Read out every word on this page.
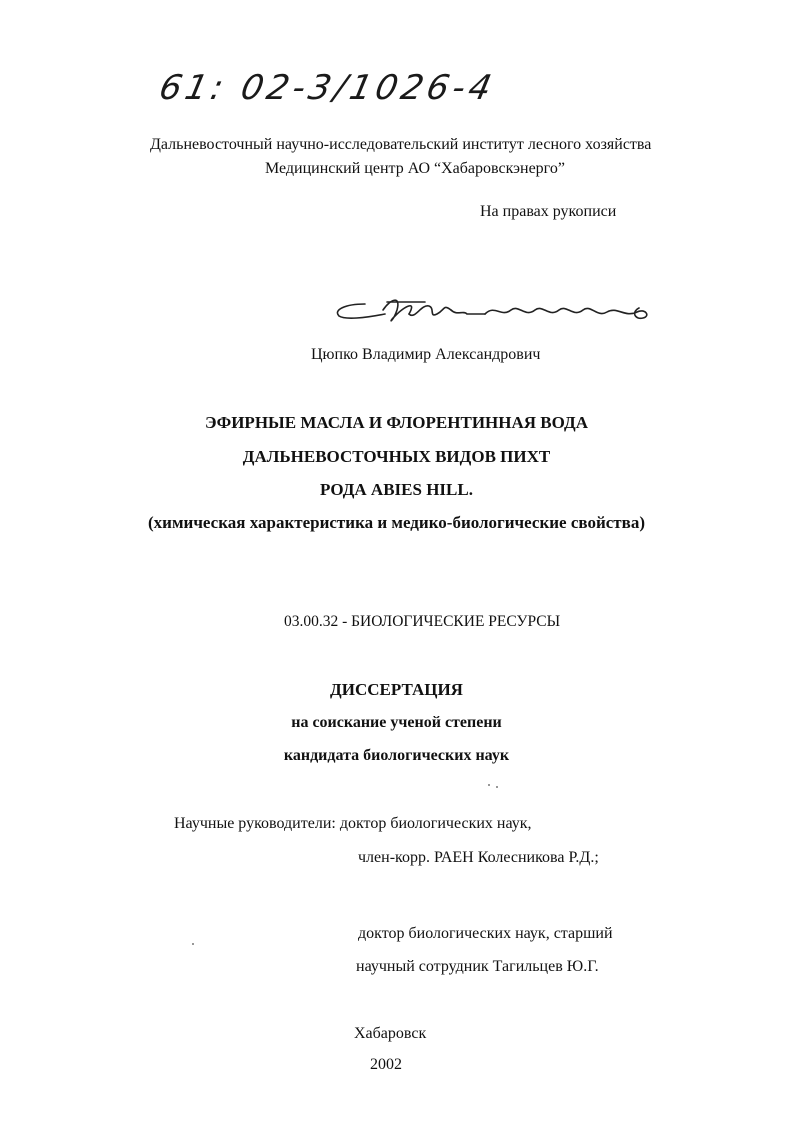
61: 02-3/1026-4
Дальневосточный научно-исследовательский институт лесного хозяйства
Медицинский центр АО “Хабаровскэнерго”
На правах рукописи
Цюпко Владимир Александрович
ЭФИРНЫЕ МАСЛА И ФЛОРЕНТИННАЯ ВОДА
ДАЛЬНЕВОСТОЧНЫХ ВИДОВ ПИХТ
РОДА ABIES HILL.
(химическая характеристика и медико-биологические свойства)
03.00.32 - БИОЛОГИЧЕСКИЕ РЕСУРСЫ
ДИССЕРТАЦИЯ
на соискание ученой степени
кандидата биологических наук
Научные руководители: доктор биологических наук,
член-корр. РАЕН Колесникова Р.Д.;
доктор биологических наук, старший
научный сотрудник Тагильцев Ю.Г.
Хабаровск
2002
